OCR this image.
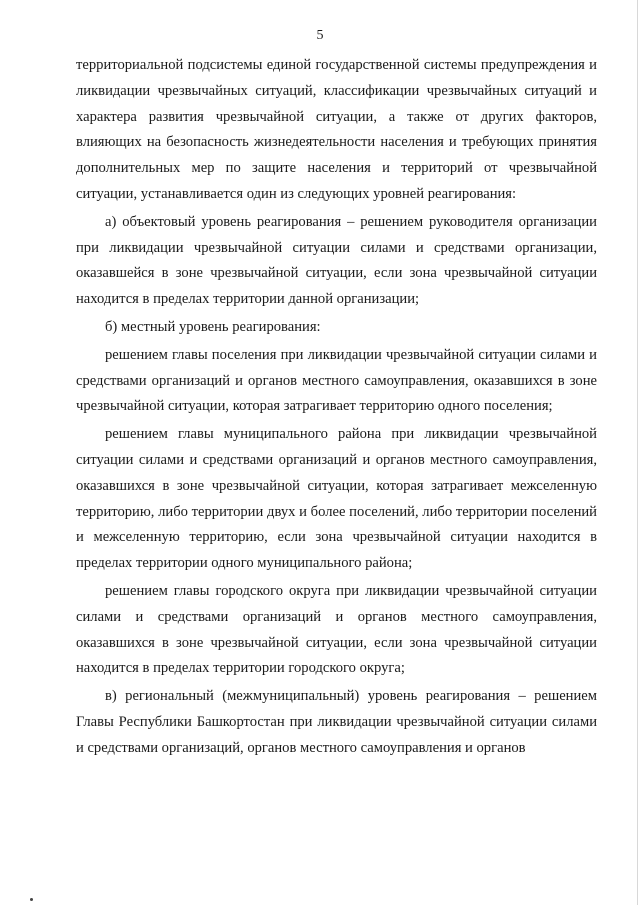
5

территориальной подсистемы единой государственной системы предупреждения и ликвидации чрезвычайных ситуаций, классификации чрезвычайных ситуаций и характера развития чрезвычайной ситуации, а также от других факторов, влияющих на безопасность жизнедеятельности населения и требующих принятия дополнительных мер по защите населения и территорий от чрезвычайной ситуации, устанавливается один из следующих уровней реагирования:

а) объектовый уровень реагирования – решением руководителя организации при ликвидации чрезвычайной ситуации силами и средствами организации, оказавшейся в зоне чрезвычайной ситуации, если зона чрезвычайной ситуации находится в пределах территории данной организации;

б) местный уровень реагирования:

решением главы поселения при ликвидации чрезвычайной ситуации силами и средствами организаций и органов местного самоуправления, оказавшихся в зоне чрезвычайной ситуации, которая затрагивает территорию одного поселения;

решением главы муниципального района при ликвидации чрезвычайной ситуации силами и средствами организаций и органов местного самоуправления, оказавшихся в зоне чрезвычайной ситуации, которая затрагивает межселенную территорию, либо территории двух и более поселений, либо территории поселений и межселенную территорию, если зона чрезвычайной ситуации находится в пределах территории одного муниципального района;

решением главы городского округа при ликвидации чрезвычайной ситуации силами и средствами организаций и органов местного самоуправления, оказавшихся в зоне чрезвычайной ситуации, если зона чрезвычайной ситуации находится в пределах территории городского округа;

в) региональный (межмуниципальный) уровень реагирования – решением Главы Республики Башкортостан при ликвидации чрезвычайной ситуации силами и средствами организаций, органов местного самоуправления и органов
